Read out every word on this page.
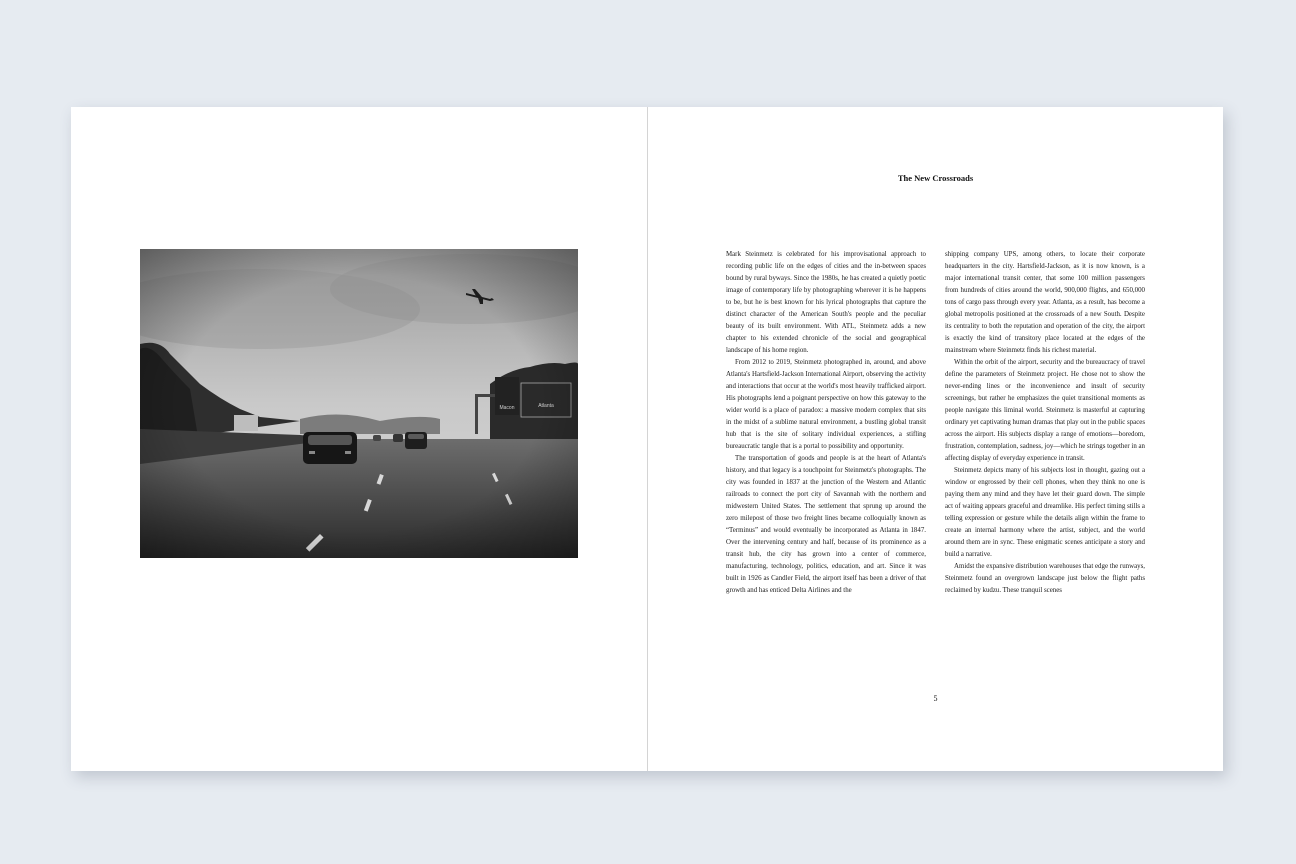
The New Crossroads

Mark Steinmetz is celebrated for his improvisational approach to recording public life on the edges of cities and the in-between spaces bound by rural byways. Since the 1980s, he has created a quietly poetic image of contemporary life by photographing wherever it is he happens to be, but he is best known for his lyrical photographs that capture the distinct character of the American South's people and the peculiar beauty of its built environment. With ATL, Steinmetz adds a new chapter to his extended chronicle of the social and geographical landscape of his home region.

From 2012 to 2019, Steinmetz photographed in, around, and above Atlanta's Hartsfield-Jackson International Airport, observing the activity and interactions that occur at the world's most heavily trafficked airport. His photographs lend a poignant perspective on how this gateway to the wider world is a place of paradox: a massive modern complex that sits in the midst of a sublime natural environment, a bustling global transit hub that is the site of solitary individual experiences, a stifling bureaucratic tangle that is a portal to possibility and opportunity.

The transportation of goods and people is at the heart of Atlanta's history, and that legacy is a touchpoint for Steinmetz's photographs. The city was founded in 1837 at the junction of the Western and Atlantic railroads to connect the port city of Savannah with the northern and midwestern United States. The settlement that sprung up around the zero milepost of those two freight lines became colloquially known as “Terminus” and would eventually be incorporated as Atlanta in 1847. Over the intervening century and half, because of its prominence as a transit hub, the city has grown into a center of commerce, manufacturing, technology, politics, education, and art. Since it was built in 1926 as Candler Field, the airport itself has been a driver of that growth and has enticed Delta Airlines and the

shipping company UPS, among others, to locate their corporate headquarters in the city. Hartsfield-Jackson, as it is now known, is a major international transit center, that some 100 million passengers from hundreds of cities around the world, 900,000 flights, and 650,000 tons of cargo pass through every year. Atlanta, as a result, has become a global metropolis positioned at the crossroads of a new South. Despite its centrality to both the reputation and operation of the city, the airport is exactly the kind of transitory place located at the edges of the mainstream where Steinmetz finds his richest material.

Within the orbit of the airport, security and the bureaucracy of travel define the parameters of Steinmetz project. He chose not to show the never-ending lines or the inconvenience and insult of security screenings, but rather he emphasizes the quiet transitional moments as people navigate this liminal world. Steinmetz is masterful at capturing ordinary yet captivating human dramas that play out in the public spaces across the airport. His subjects display a range of emotions—boredom, frustration, contemplation, sadness, joy—which he strings together in an affecting display of everyday experience in transit.

Steinmetz depicts many of his subjects lost in thought, gazing out a window or engrossed by their cell phones, when they think no one is paying them any mind and they have let their guard down. The simple act of waiting appears graceful and dreamlike. His perfect timing stills a telling expression or gesture while the details align within the frame to create an internal harmony where the artist, subject, and the world around them are in sync. These enigmatic scenes anticipate a story and build a narrative.

Amidst the expansive distribution warehouses that edge the runways, Steinmetz found an overgrown landscape just below the flight paths reclaimed by kudzu. These tranquil scenes

5
